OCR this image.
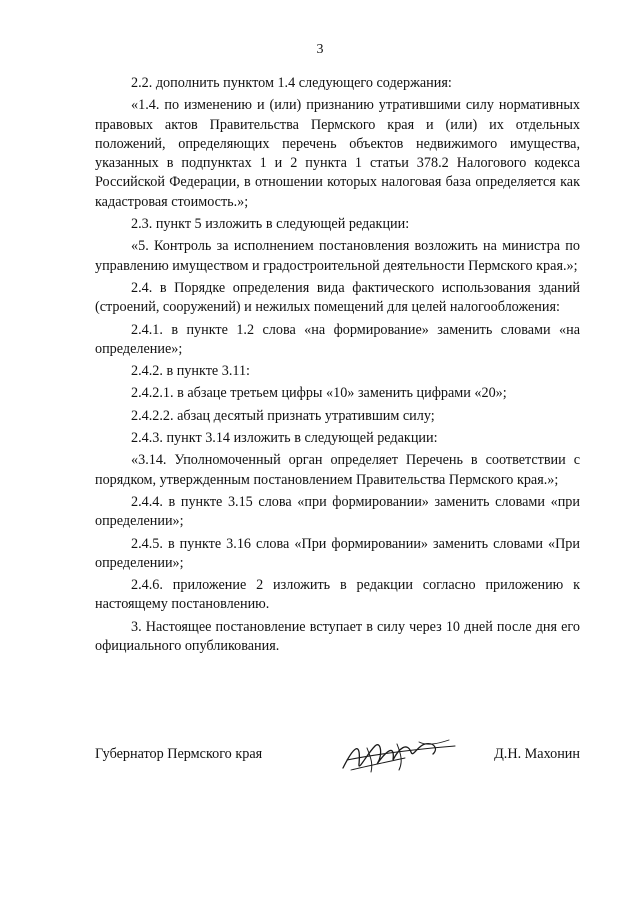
3

2.2. дополнить пунктом 1.4 следующего содержания:

«1.4. по изменению и (или) признанию утратившими силу нормативных правовых актов Правительства Пермского края и (или) их отдельных положений, определяющих перечень объектов недвижимого имущества, указанных в подпунктах 1 и 2 пункта 1 статьи 378.2 Налогового кодекса Российской Федерации, в отношении которых налоговая база определяется как кадастровая стоимость.»;

2.3. пункт 5 изложить в следующей редакции:

«5. Контроль за исполнением постановления возложить на министра по управлению имуществом и градостроительной деятельности Пермского края.»;

2.4. в Порядке определения вида фактического использования зданий (строений, сооружений) и нежилых помещений для целей налогообложения:

2.4.1. в пункте 1.2 слова «на формирование» заменить словами «на определение»;

2.4.2. в пункте 3.11:

2.4.2.1. в абзаце третьем цифры «10» заменить цифрами «20»;

2.4.2.2. абзац десятый признать утратившим силу;

2.4.3. пункт 3.14 изложить в следующей редакции:

«3.14. Уполномоченный орган определяет Перечень в соответствии с порядком, утвержденным постановлением Правительства Пермского края.»;

2.4.4. в пункте 3.15 слова «при формировании» заменить словами «при определении»;

2.4.5. в пункте 3.16 слова «При формировании» заменить словами «При определении»;

2.4.6. приложение 2 изложить в редакции согласно приложению к настоящему постановлению.

3. Настоящее постановление вступает в силу через 10 дней после дня его официального опубликования.

Губернатор Пермского края	Д.Н. Махонин
